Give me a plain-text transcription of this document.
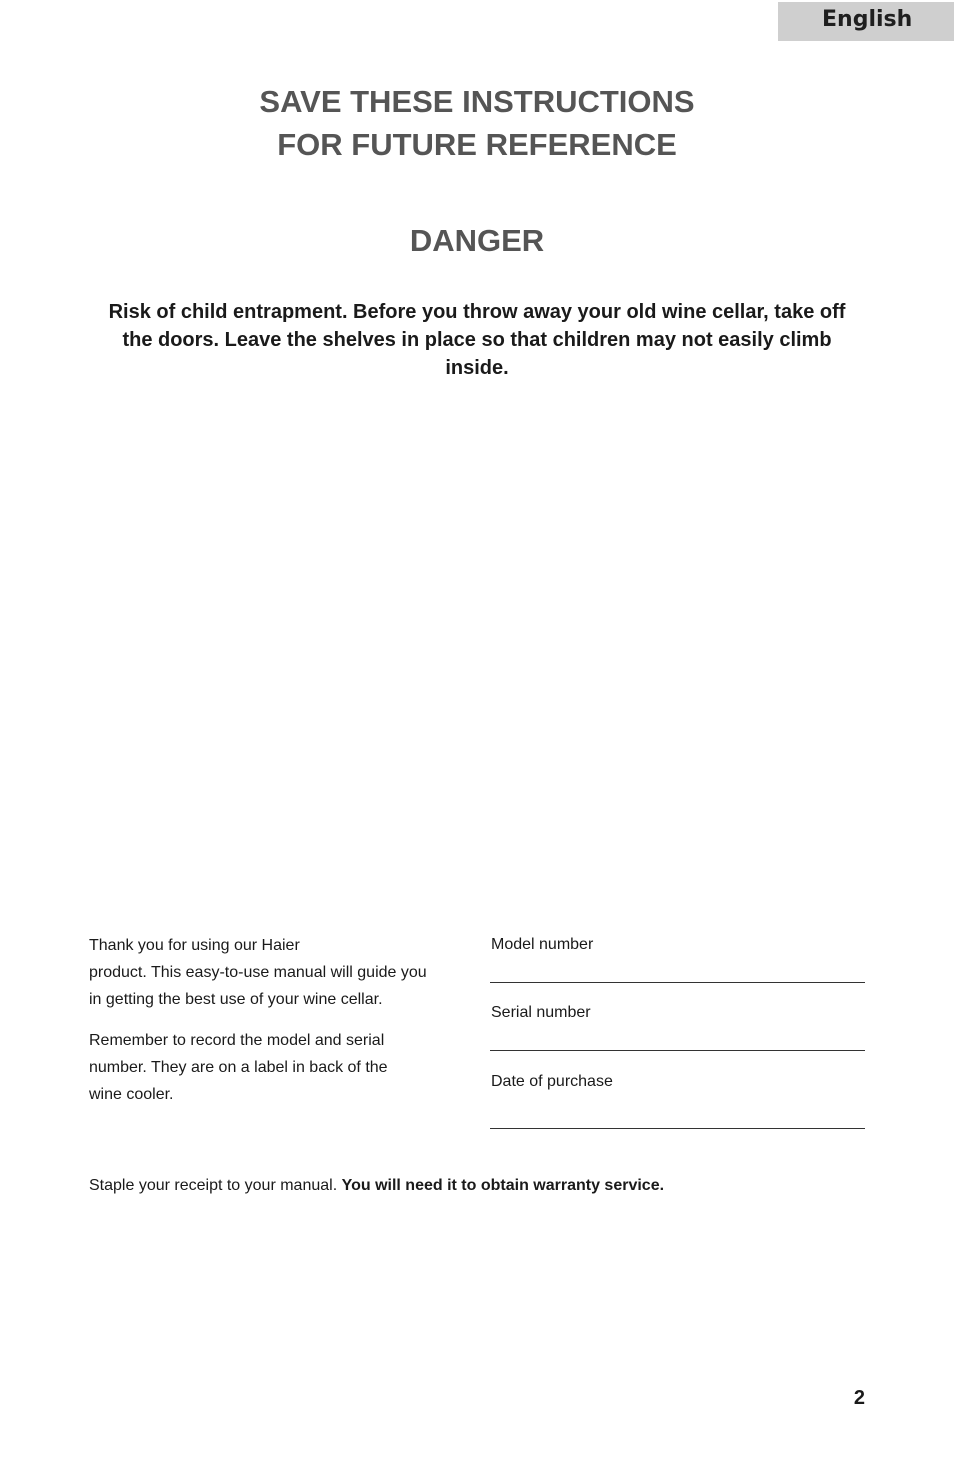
English
SAVE THESE INSTRUCTIONS
FOR FUTURE REFERENCE
DANGER
Risk of child entrapment. Before you throw away your old wine cellar, take off the doors. Leave the shelves in place so that children may not easily climb inside.

Thank you for using our Haier
product. This easy-to-use manual will guide you
in getting the best use of your wine cellar.

Remember to record the model and serial
number. They are on a label in back of the
wine cooler.

Model number
Serial number
Date of purchase
Staple your receipt to your manual. You will need it to obtain warranty service.
2
